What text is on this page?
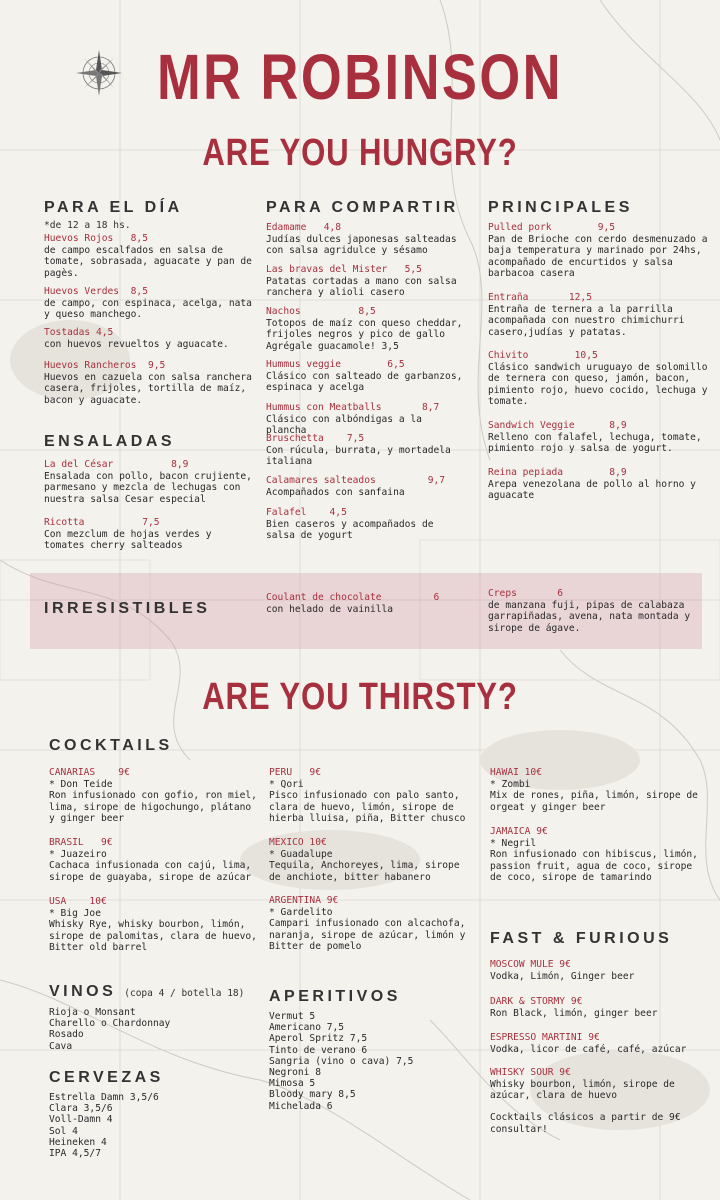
MR ROBINSON
ARE YOU HUNGRY?
PARA EL DÍA
*de 12 a 18 hs.
Huevos Rojos   8,5
de campo escalfados en salsa de tomate, sobrasada, aguacate y pan de pagès.
Huevos Verdes  8,5
de campo, con espinaca, acelga, nata y queso manchego.
Tostadas 4,5
con huevos revueltos y aguacate.
Huevos Rancheros  9,5
Huevos en cazuela con salsa ranchera casera, frijoles, tortilla de maíz, bacon y aguacate.
ENSALADAS
La del César          8,9
Ensalada con pollo, bacon crujiente, parmesano y mezcla de lechugas con nuestra salsa Cesar especial
Ricotta          7,5
Con mezclum de hojas verdes y tomates cherry salteados
PARA COMPARTIR
Edamame   4,8
Judías dulces japonesas salteadas con salsa agridulce y sésamo
Las bravas del Mister   5,5
Patatas cortadas a mano con salsa ranchera y alioli casero
Nachos          8,5
Totopos de maíz con queso cheddar, frijoles negros y pico de gallo Agrégale guacamole! 3,5
Hummus veggie        6,5
Clásico con salteado de garbanzos, espinaca y acelga
Hummus con Meatballs       8,7
Clásico con albóndigas a la plancha
Bruschetta    7,5
Con rúcula, burrata, y mortadela italiana
Calamares salteados         9,7
Acompañados con sanfaina
Falafel    4,5
Bien caseros y acompañados de salsa de yogurt
PRINCIPALES
Pulled pork        9,5
Pan de Brioche con cerdo desmenuzado a baja temperatura y marinado por 24hs, acompañado de encurtidos y salsa barbacoa casera
Entraña       12,5
Entraña de ternera a la parrilla acompañada con nuestro chimichurri casero,judías y patatas.
Chivito        10,5
Clásico sandwich uruguayo de solomillo de ternera con queso, jamón, bacon, pimiento rojo, huevo cocido, lechuga y tomate.
Sandwich Veggie      8,9
Relleno con falafel, lechuga, tomate, pimiento rojo y salsa de yogurt.
Reina pepiada        8,9
Arepa venezolana de pollo al horno y aguacate
IRRESISTIBLES
Coulant de chocolate         6
con helado de vainilla
Creps       6
de manzana fuji, pipas de calabaza garrapiñadas, avena, nata montada y sirope de ágave.
ARE YOU THIRSTY?
COCKTAILS
CANARIAS    9€
* Don Teide
Ron infusionado con gofio, ron miel, lima, sirope de higochungo, plátano y ginger beer
BRASIL   9€
* Juazeiro
Cachaca infusionada con cajú, lima, sirope de guayaba, sirope de azúcar
USA    10€
* Big Joe
Whisky Rye, whisky bourbon, limón, sirope de palomitas, clara de huevo, Bitter old barrel
PERU   9€
* Qori
Pisco infusionado con palo santo, clara de huevo, limón, sirope de hierba lluisa, piña, Bitter chusco
MEXICO 10€
* Guadalupe
Tequila, Anchoreyes, lima, sirope de anchiote, bitter habanero
ARGENTINA 9€
* Gardelito
Campari infusionado con alcachofa, naranja, sirope de azúcar, limón y Bitter de pomelo
HAWAI 10€
* Zombi
Mix de rones, piña, limón, sirope de orgeat y ginger beer
JAMAICA 9€
* Negril
Ron infusionado con hibiscus, limón, passion fruit, agua de coco, sirope de coco, sirope de tamarindo
VINOS (copa 4 / botella 18)
Rioja o Monsant
Charello o Chardonnay
Rosado
Cava
CERVEZAS
Estrella Damn 3,5/6
Clara 3,5/6
Voll-Damn 4
Sol 4
Heineken 4
IPA 4,5/7
APERITIVOS
Vermut 5
Americano 7,5
Aperol Spritz 7,5
Tinto de verano 6
Sangria (vino o cava) 7,5
Negroni 8
Mimosa 5
Bloody mary 8,5
Michelada 6
FAST & FURIOUS
MOSCOW MULE 9€
Vodka, Limón, Ginger beer
DARK & STORMY 9€
Ron Black, limón, ginger beer
ESPRESSO MARTINI 9€
Vodka, licor de café, café, azúcar
WHISKY SOUR 9€
Whisky bourbon, limón, sirope de azúcar, clara de huevo
Cocktails clásicos a partir de 9€ consultar!
